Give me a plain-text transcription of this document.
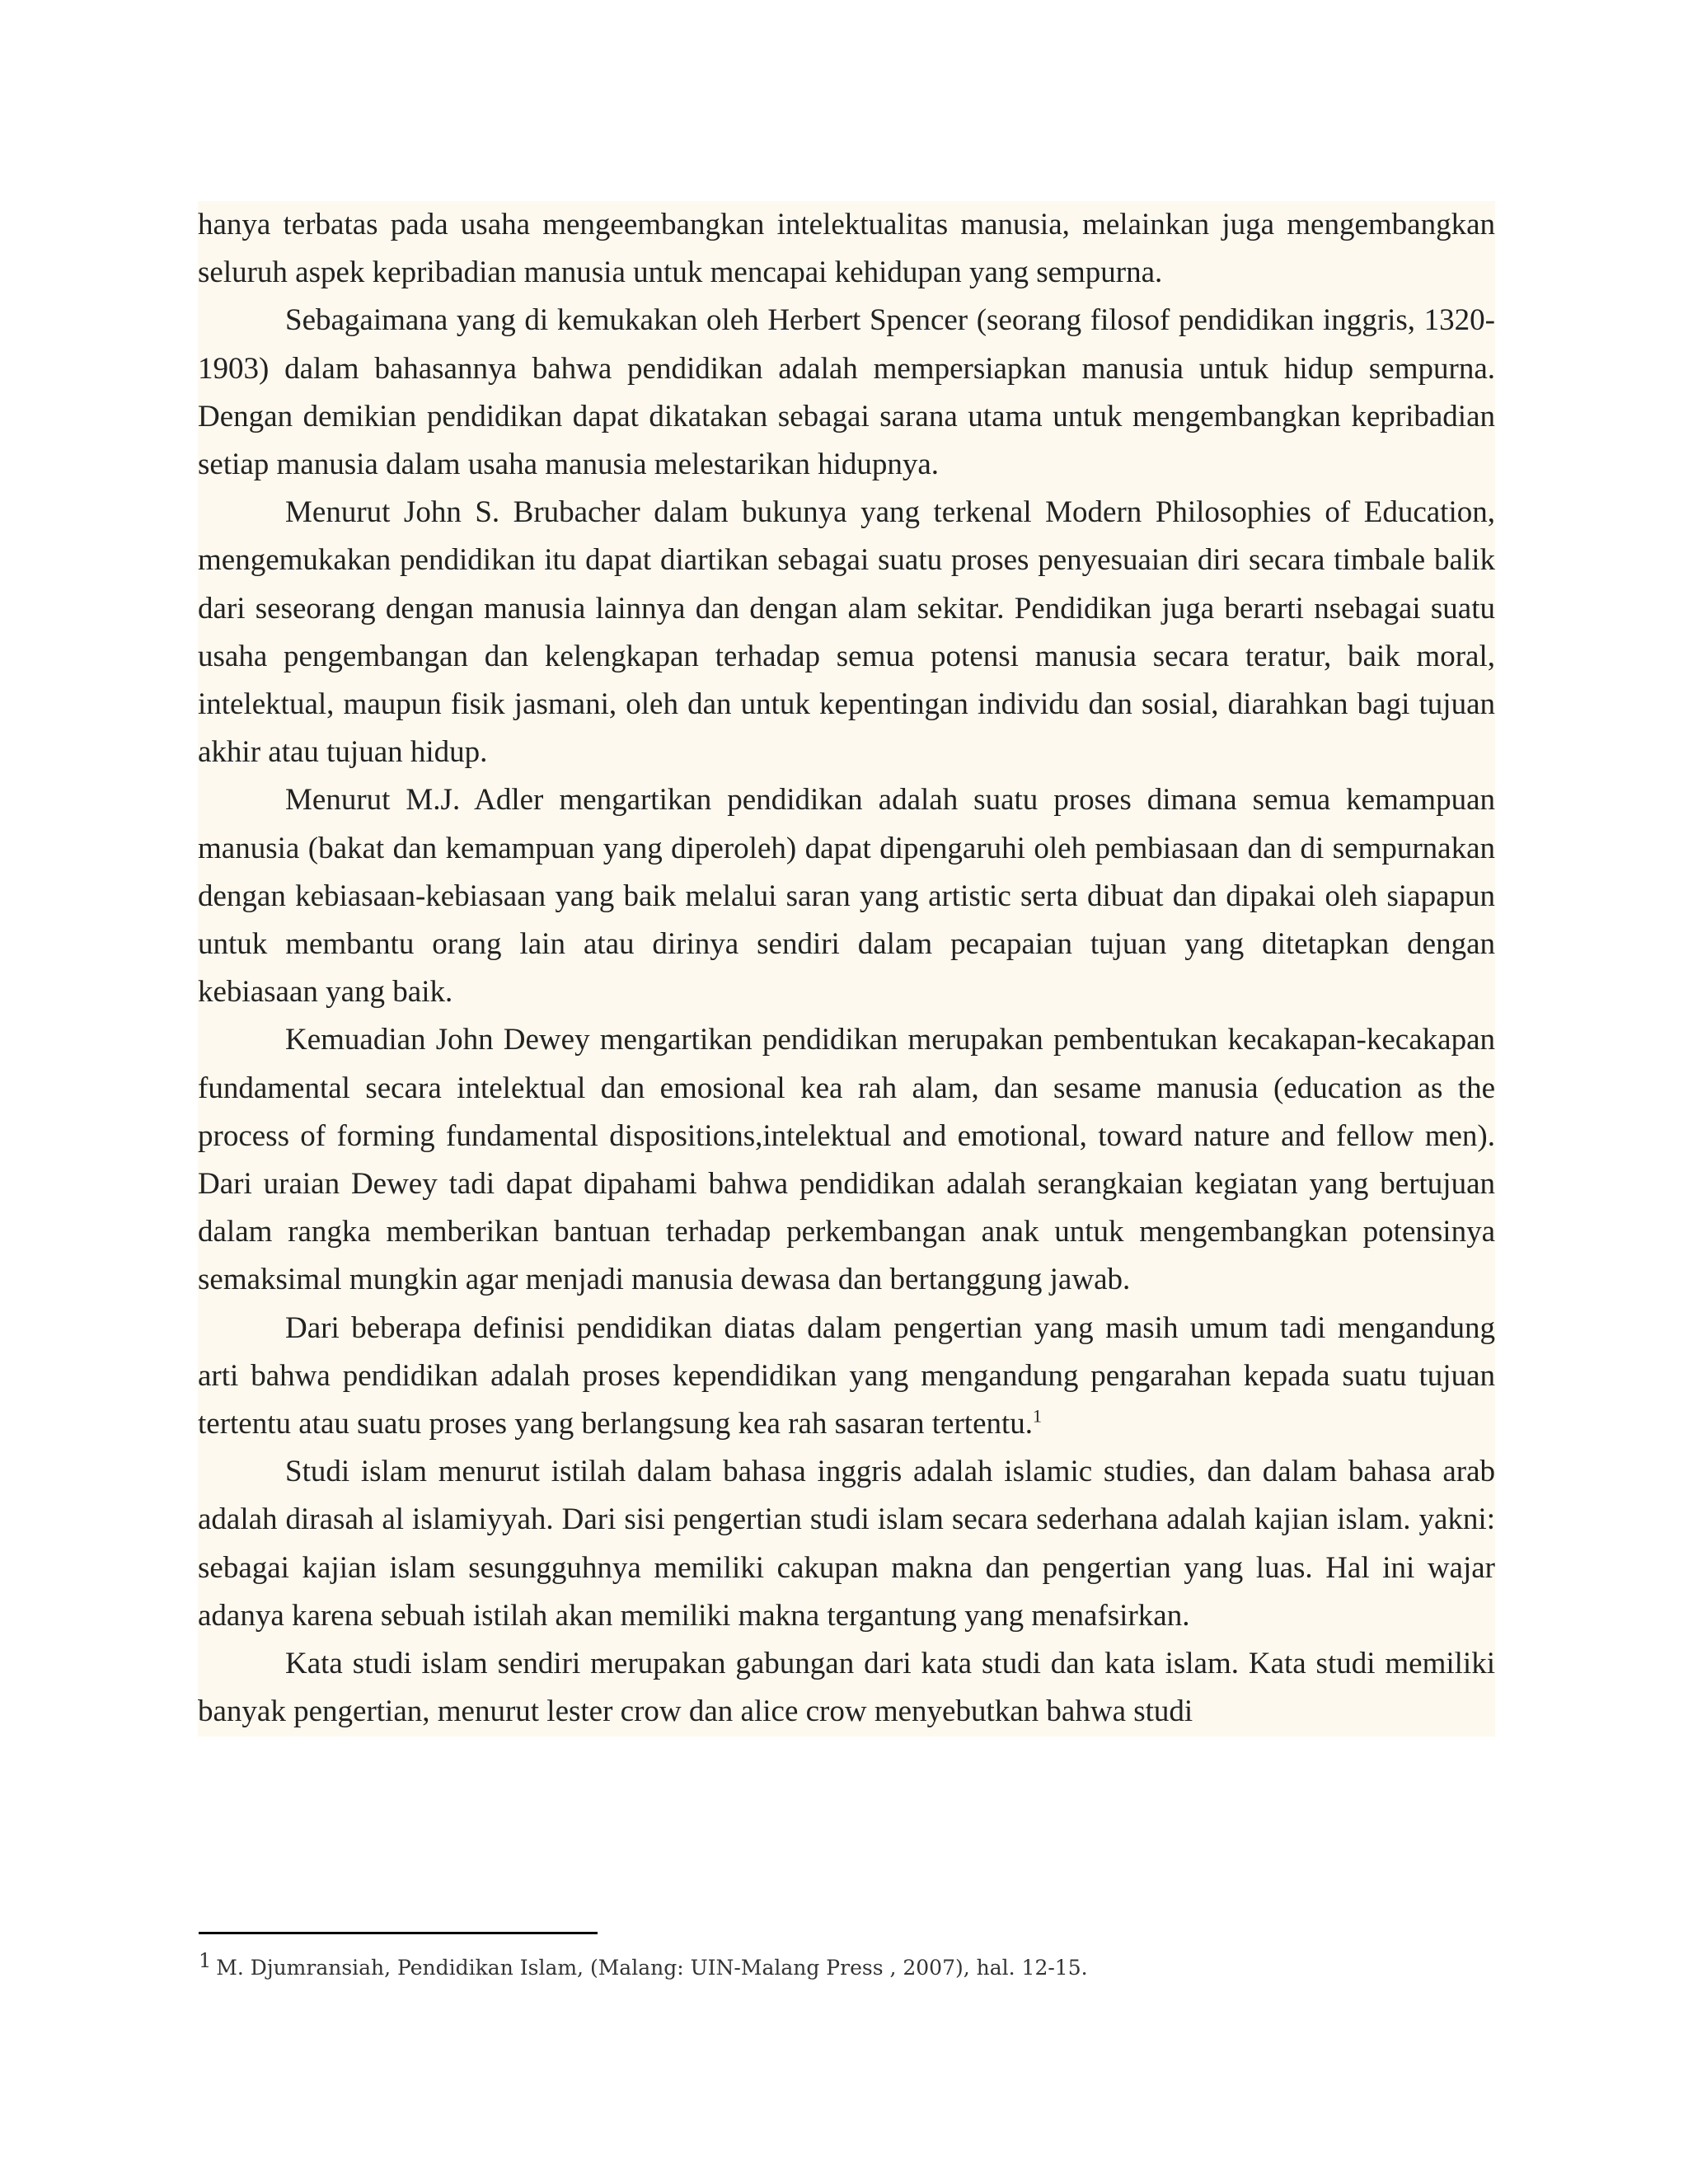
hanya terbatas pada usaha mengeembangkan intelektualitas manusia, melainkan juga mengembangkan seluruh aspek kepribadian manusia untuk mencapai kehidupan yang sempurna.

Sebagaimana yang di kemukakan oleh Herbert Spencer (seorang filosof pendidikan inggris, 1320-1903) dalam bahasannya bahwa pendidikan adalah mempersiapkan manusia untuk hidup sempurna. Dengan demikian pendidikan dapat dikatakan sebagai sarana utama untuk mengembangkan kepribadian setiap manusia dalam usaha manusia melestarikan hidupnya.

Menurut John S. Brubacher dalam bukunya yang terkenal Modern Philosophies of Education, mengemukakan pendidikan itu dapat diartikan sebagai suatu proses penyesuaian diri secara timbale balik dari seseorang dengan manusia lainnya dan dengan alam sekitar. Pendidikan juga berarti nsebagai suatu usaha pengembangan dan kelengkapan terhadap semua potensi manusia secara teratur, baik moral, intelektual, maupun fisik jasmani, oleh dan untuk kepentingan individu dan sosial, diarahkan bagi tujuan akhir atau tujuan hidup.

Menurut M.J. Adler mengartikan pendidikan adalah suatu proses dimana semua kemampuan manusia (bakat dan kemampuan yang diperoleh) dapat dipengaruhi oleh pembiasaan dan di sempurnakan dengan kebiasaan-kebiasaan yang baik melalui saran yang artistic serta dibuat dan dipakai oleh siapapun untuk membantu orang lain atau dirinya sendiri dalam pecapaian tujuan yang ditetapkan dengan kebiasaan yang baik.

Kemuadian John Dewey mengartikan pendidikan merupakan pembentukan kecakapan-kecakapan fundamental secara intelektual dan emosional kea rah alam, dan sesame manusia (education as the process of forming fundamental dispositions,intelektual and emotional, toward nature and fellow men). Dari uraian Dewey tadi dapat dipahami bahwa pendidikan adalah serangkaian kegiatan yang bertujuan dalam rangka memberikan bantuan terhadap perkembangan anak untuk mengembangkan potensinya semaksimal mungkin agar menjadi manusia dewasa dan bertanggung jawab.

Dari beberapa definisi pendidikan diatas dalam pengertian yang masih umum tadi mengandung arti bahwa pendidikan adalah proses kependidikan yang mengandung pengarahan kepada suatu tujuan tertentu atau suatu proses yang berlangsung kea rah sasaran tertentu.$^1$

Studi islam menurut istilah dalam bahasa inggris adalah islamic studies, dan dalam bahasa arab adalah dirasah al islamiyyah. Dari sisi pengertian studi islam secara sederhana adalah kajian islam. yakni: sebagai kajian islam sesungguhnya memiliki cakupan makna dan pengertian yang luas. Hal ini wajar adanya karena sebuah istilah akan memiliki makna tergantung yang menafsirkan.

Kata studi islam sendiri merupakan gabungan dari kata studi dan kata islam. Kata studi memiliki banyak pengertian, menurut lester crow dan alice crow menyebutkan bahwa studi

1 M. Djumransiah, Pendidikan Islam, (Malang: UIN-Malang Press , 2007), hal. 12-15.
